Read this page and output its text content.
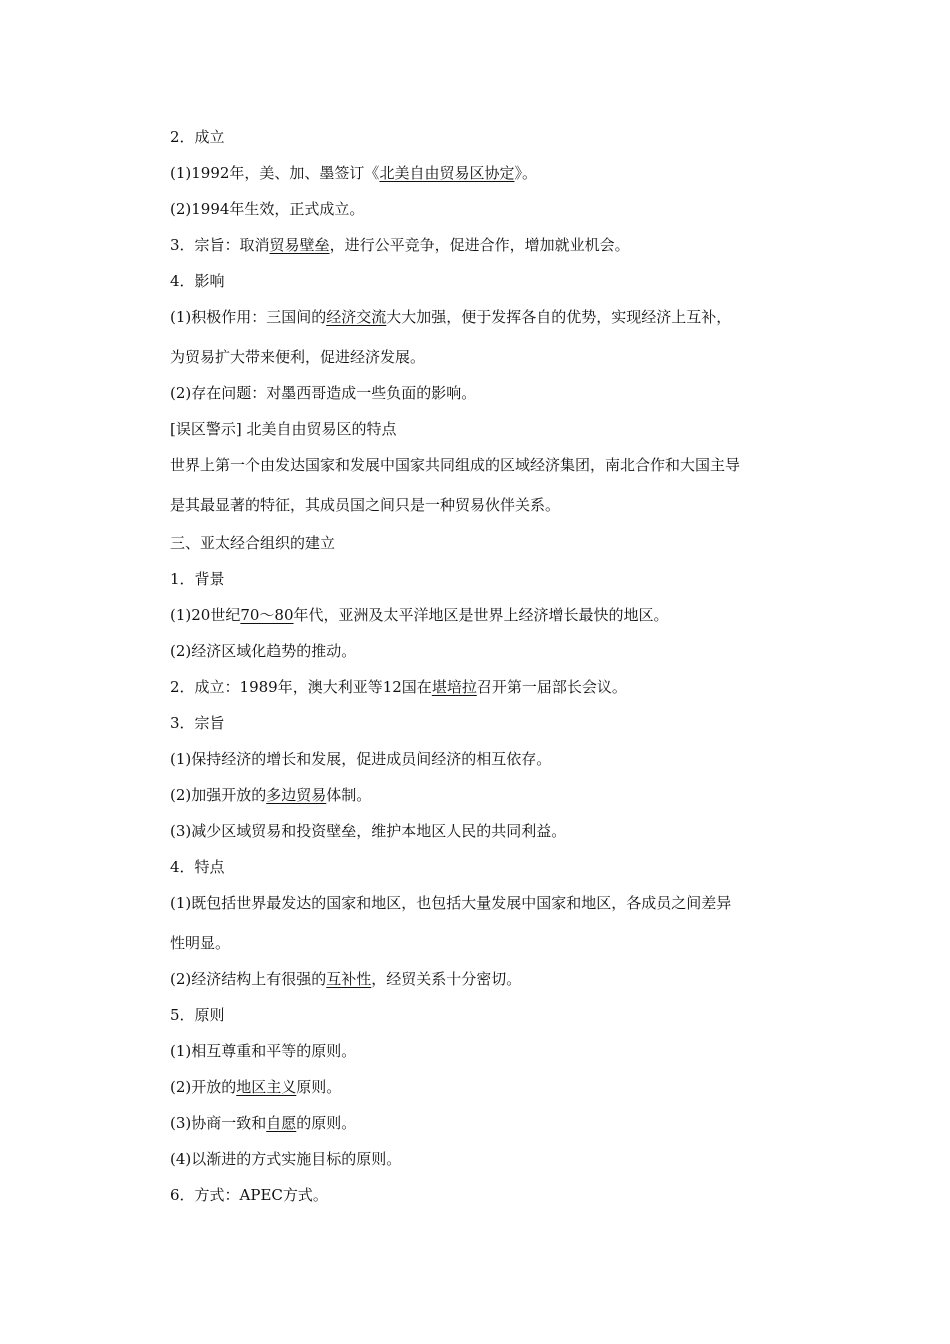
2．成立
(1)1992年，美、加、墨签订《北美自由贸易区协定》。
(2)1994年生效，正式成立。
3．宗旨：取消贸易壁垒，进行公平竞争，促进合作，增加就业机会。
4．影响
(1)积极作用：三国间的经济交流大大加强，便于发挥各自的优势，实现经济上互补，
为贸易扩大带来便利，促进经济发展。
(2)存在问题：对墨西哥造成一些负面的影响。
[误区警示] 北美自由贸易区的特点
世界上第一个由发达国家和发展中国家共同组成的区域经济集团，南北合作和大国主导
是其最显著的特征，其成员国之间只是一种贸易伙伴关系。
三、亚太经合组织的建立
1．背景
(1)20世纪70～80年代，亚洲及太平洋地区是世界上经济增长最快的地区。
(2)经济区域化趋势的推动。
2．成立：1989年，澳大利亚等12国在堪培拉召开第一届部长会议。
3．宗旨
(1)保持经济的增长和发展，促进成员间经济的相互依存。
(2)加强开放的多边贸易体制。
(3)减少区域贸易和投资壁垒，维护本地区人民的共同利益。
4．特点
(1)既包括世界最发达的国家和地区，也包括大量发展中国家和地区，各成员之间差异
性明显。
(2)经济结构上有很强的互补性，经贸关系十分密切。
5．原则
(1)相互尊重和平等的原则。
(2)开放的地区主义原则。
(3)协商一致和自愿的原则。
(4)以渐进的方式实施目标的原则。
6．方式：APEC方式。
